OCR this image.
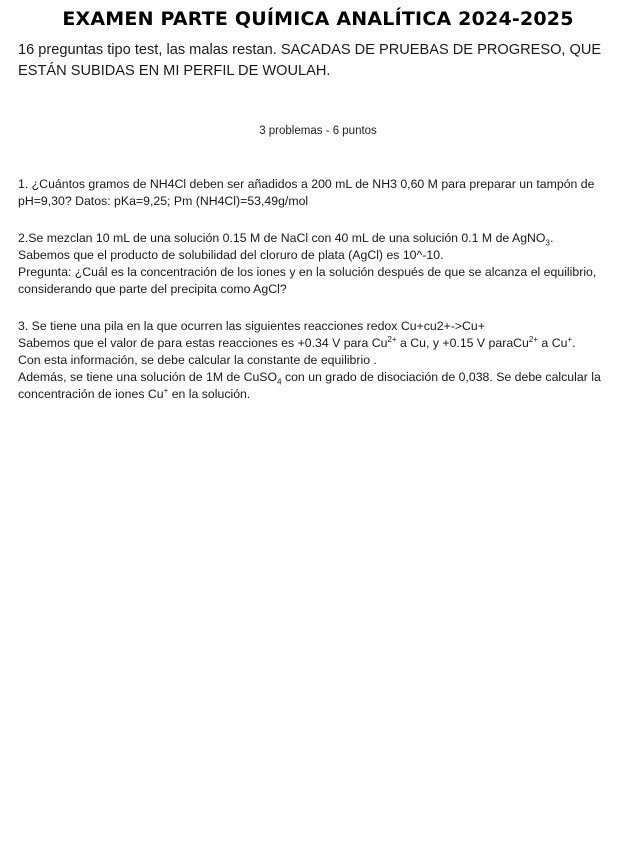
EXAMEN PARTE QUÍMICA ANALÍTICA 2024-2025
16 preguntas tipo test, las malas restan. SACADAS DE PRUEBAS DE PROGRESO, QUE ESTÁN SUBIDAS EN MI PERFIL DE WOULAH.
3 problemas - 6 puntos

1. ¿Cuántos gramos de NH4Cl deben ser añadidos a 200 mL de NH3 0,60 M para preparar un tampón de pH=9,30? Datos: pKa=9,25; Pm (NH4Cl)=53,49g/mol

2.Se mezclan 10 mL de una solución 0.15 M de NaCl con 40 mL de una solución 0.1 M de AgNO$_3$.

Sabemos que el producto de solubilidad del cloruro de plata (AgCl) es 10^-10.

Pregunta: ¿Cuál es la concentración de los iones y en la solución después de que se alcanza el equilibrio, considerando que parte del precipita como AgCl?

3. Se tiene una pila en la que ocurren las siguientes reacciones redox Cu+cu2+->Cu+

Sabemos que el valor de para estas reacciones es +0.34 V para $Cu^{2+}$ a Cu, y +0.15 V paraCu$^{2+}$ a Cu+.

Con esta información, se debe calcular la constante de equilibrio .

Además, se tiene una solución de 1M de CuSO$_4$ con un grado de disociación de 0,038. Se debe calcular la concentración de iones Cu+ en la solución.
